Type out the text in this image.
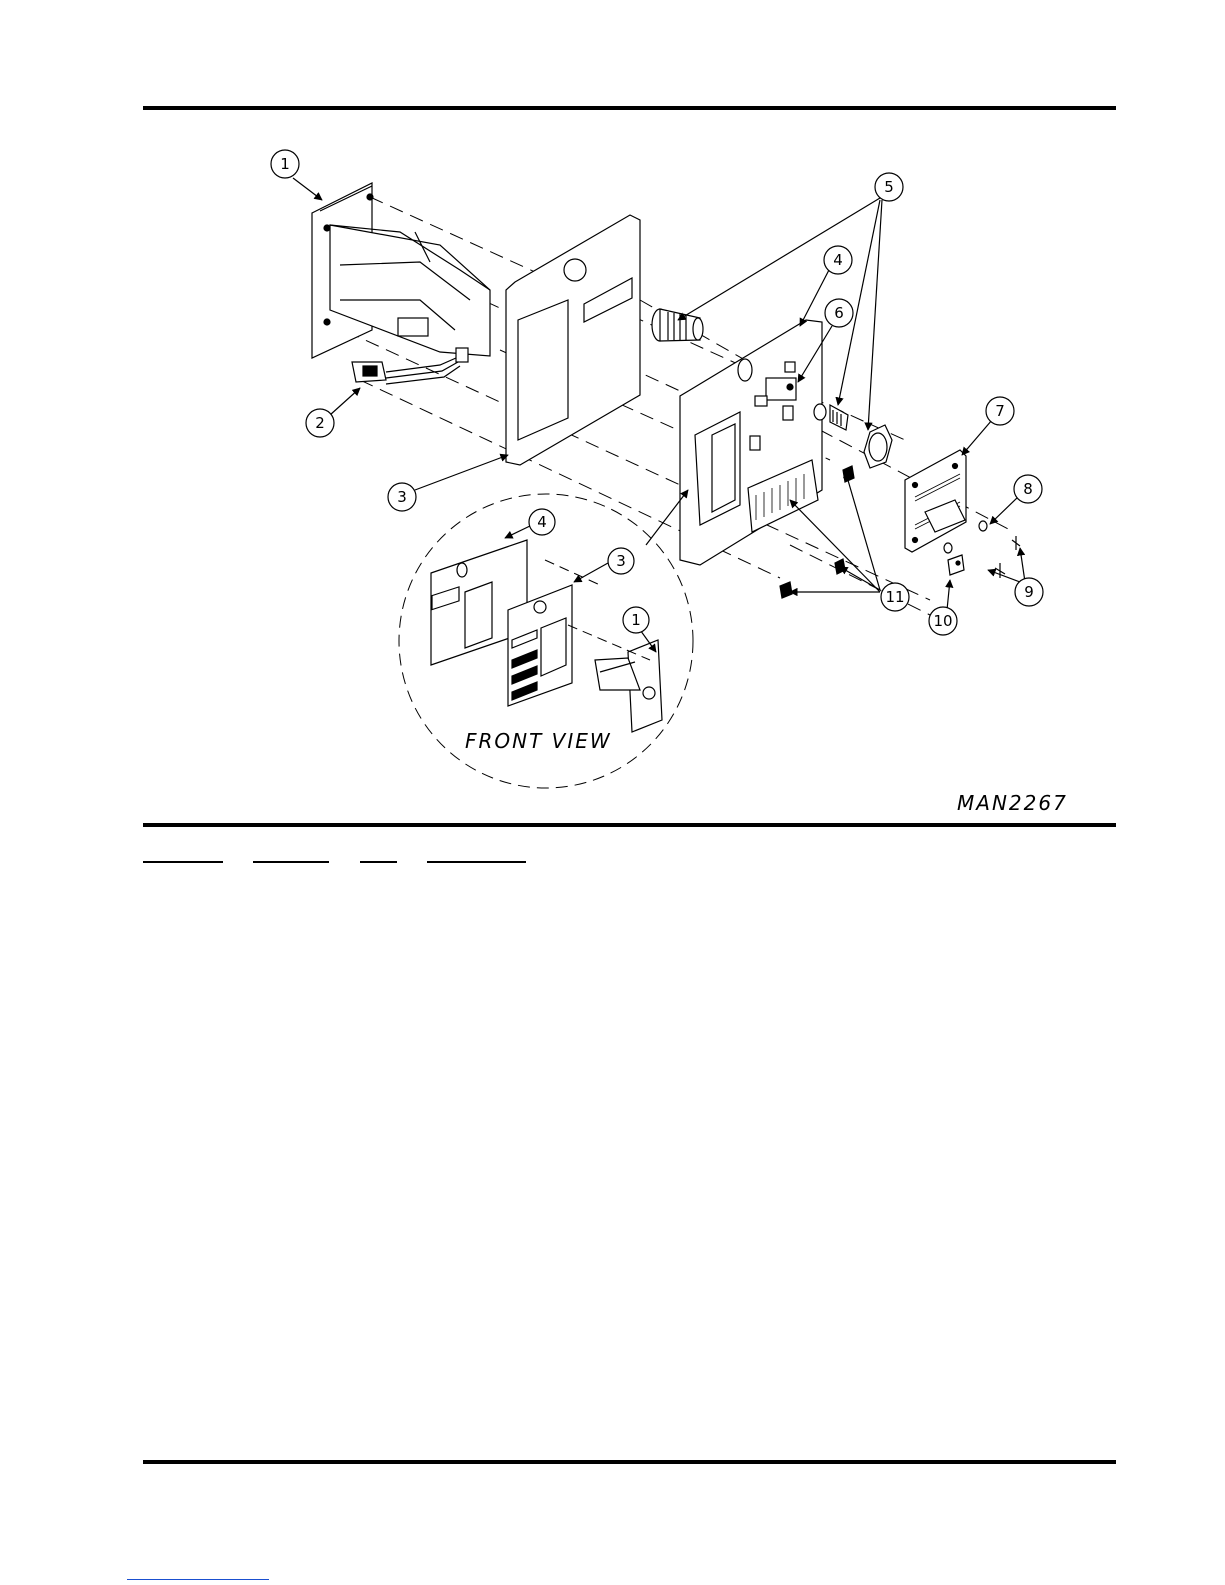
1
2
3
4
5
6
7
8
9
10
11
4
3
1
FRONT VIEW
MAN2267
